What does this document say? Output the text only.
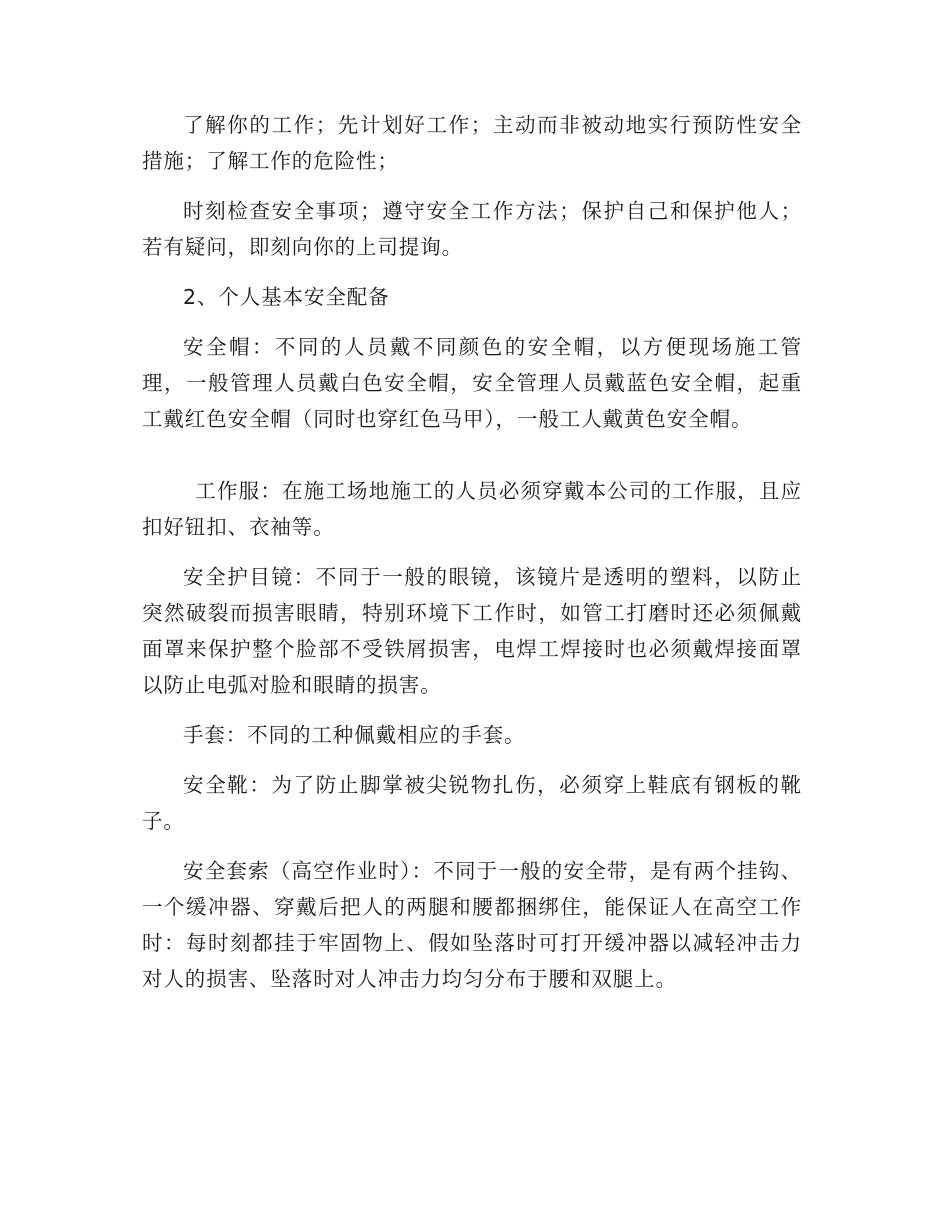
了解你的工作；先计划好工作；主动而非被动地实行预防性安全措施；了解工作的危险性；

时刻检查安全事项；遵守安全工作方法；保护自己和保护他人；若有疑问，即刻向你的上司提询。

2、个人基本安全配备

安全帽：不同的人员戴不同颜色的安全帽，以方便现场施工管理，一般管理人员戴白色安全帽，安全管理人员戴蓝色安全帽，起重工戴红色安全帽（同时也穿红色马甲），一般工人戴黄色安全帽。

工作服：在施工场地施工的人员必须穿戴本公司的工作服，且应扣好钮扣、衣袖等。

安全护目镜：不同于一般的眼镜，该镜片是透明的塑料，以防止突然破裂而损害眼睛，特别环境下工作时，如管工打磨时还必须佩戴面罩来保护整个脸部不受铁屑损害，电焊工焊接时也必须戴焊接面罩以防止电弧对脸和眼睛的损害。

手套：不同的工种佩戴相应的手套。

安全靴：为了防止脚掌被尖锐物扎伤，必须穿上鞋底有钢板的靴子。

安全套索（高空作业时）：不同于一般的安全带，是有两个挂钩、一个缓冲器、穿戴后把人的两腿和腰都捆绑住，能保证人在高空工作时：每时刻都挂于牢固物上、假如坠落时可打开缓冲器以减轻冲击力对人的损害、坠落时对人冲击力均匀分布于腰和双腿上。
